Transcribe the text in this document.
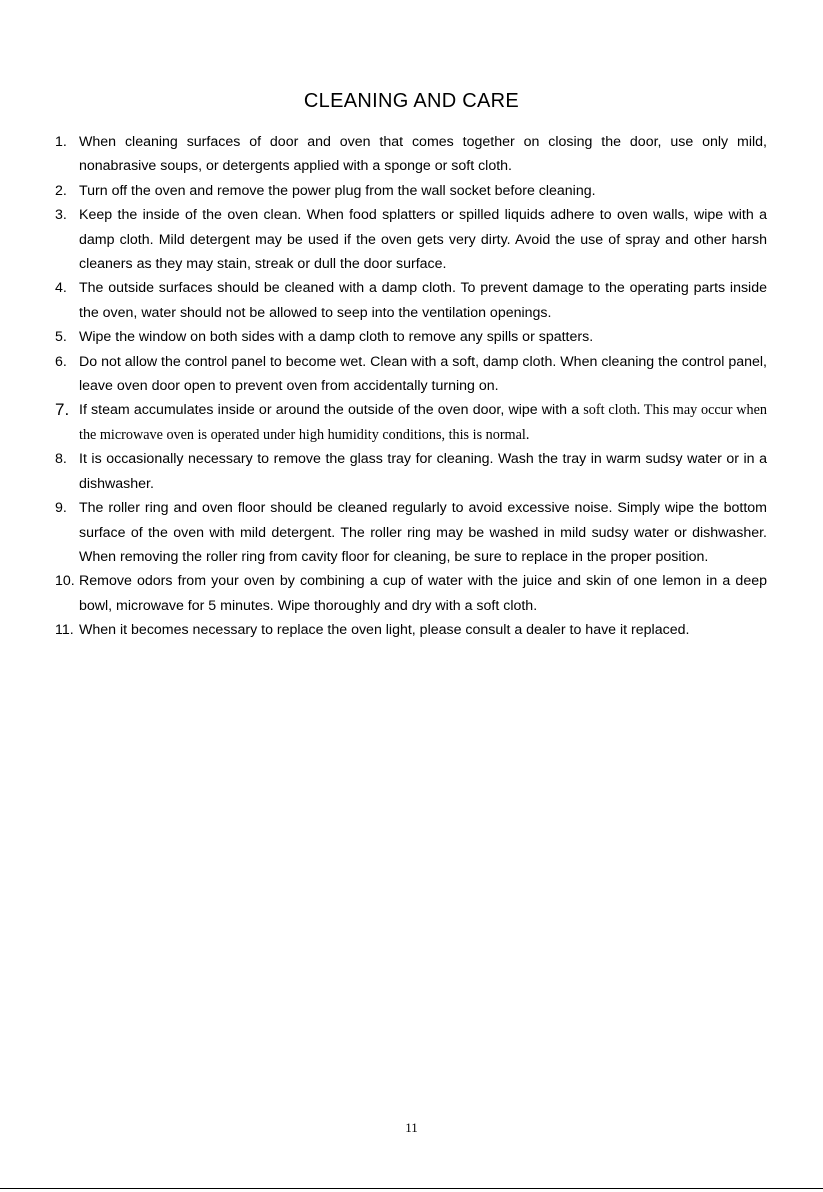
CLEANING AND CARE
1. When cleaning surfaces of door and oven that comes together on closing the door, use only mild, nonabrasive soups, or detergents applied with a sponge or soft cloth.
2. Turn off the oven and remove the power plug from the wall socket before cleaning.
3. Keep the inside of the oven clean. When food splatters or spilled liquids adhere to oven walls, wipe with a damp cloth. Mild detergent may be used if the oven gets very dirty. Avoid the use of spray and other harsh cleaners as they may stain, streak or dull the door surface.
4. The outside surfaces should be cleaned with a damp cloth. To prevent damage to the operating parts inside the oven, water should not be allowed to seep into the ventilation openings.
5. Wipe the window on both sides with a damp cloth to remove any spills or spatters.
6. Do not allow the control panel to become wet. Clean with a soft, damp cloth. When cleaning the control panel, leave oven door open to prevent oven from accidentally turning on.
7. If steam accumulates inside or around the outside of the oven door, wipe with a soft cloth. This may occur when the microwave oven is operated under high humidity conditions, this is normal.
8. It is occasionally necessary to remove the glass tray for cleaning. Wash the tray in warm sudsy water or in a dishwasher.
9. The roller ring and oven floor should be cleaned regularly to avoid excessive noise. Simply wipe the bottom surface of the oven with mild detergent. The roller ring may be washed in mild sudsy water or dishwasher. When removing the roller ring from cavity floor for cleaning, be sure to replace in the proper position.
10. Remove odors from your oven by combining a cup of water with the juice and skin of one lemon in a deep bowl, microwave for 5 minutes. Wipe thoroughly and dry with a soft cloth.
11. When it becomes necessary to replace the oven light, please consult a dealer to have it replaced.
11
